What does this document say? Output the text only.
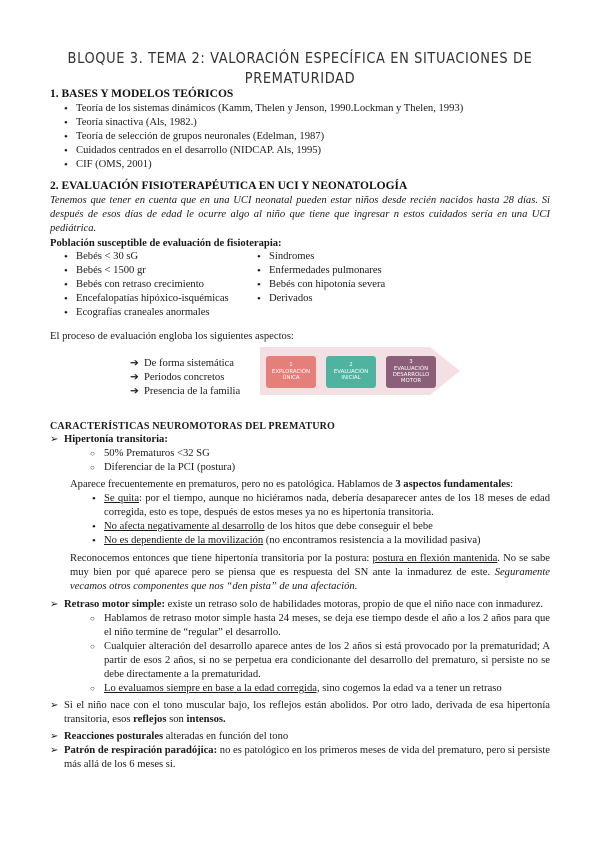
BLOQUE 3. TEMA 2: VALORACIÓN ESPECÍFICA EN SITUACIONES DE PREMATURIDAD
1. BASES Y MODELOS TEÓRICOS
• Teoría de los sistemas dinámicos (Kamm, Thelen y Jenson, 1990.Lockman y Thelen, 1993)
• Teoría sinactiva (Als, 1982.)
• Teoría de selección de grupos neuronales (Edelman, 1987)
• Cuidados centrados en el desarrollo (NIDCAP. Als, 1995)
• CIF (OMS, 2001)
2. EVALUACIÓN FISIOTERAPÉUTICA EN UCI Y NEONATOLOGÍA
Tenemos que tener en cuenta que en una UCI neonatal pueden estar niños desde recién nacidos hasta 28 días. Si después de esos días de edad le ocurre algo al niño que tiene que ingresar n estos cuidados sería en una UCI pediátrica.
Población susceptible de evaluación de fisioterapia:
• Bebés < 30 sG
• Bebés < 1500 gr
• Bebés con retraso crecimiento
• Encefalopatías hipóxico-isquémicas
• Ecografías craneales anormales
• Síndromes
• Enfermedades pulmonares
• Bebés con hipotonía severa
• Derivados
El proceso de evaluación engloba los siguientes aspectos:
➔ De forma sistemática
➔ Periodos concretos
➔ Presencia de la familia
1
EXPLORACIÓN ÚNICA
2
EVALUACIÓN INICIAL
3
EVALUACIÓN DESARROLLO MOTOR
CARACTERÍSTICAS NEUROMOTORAS DEL PREMATURO
➢ Hipertonía transitoria:
○ 50% Prematuros <32 SG
○ Diferenciar de la PCI (postura)
Aparece frecuentemente en prematuros, pero no es patológica. Hablamos de 3 aspectos fundamentales:
• Se quita: por el tiempo, aunque no hiciéramos nada, debería desaparecer antes de los 18 meses de edad corregida, esto es tope, después de estos meses ya no es hipertonía transitoria.
• No afecta negativamente al desarrollo de los hitos que debe conseguir el bebe
• No es dependiente de la movilización (no encontramos resistencia a la movilidad pasiva)
Reconocemos entonces que tiene hipertonía transitoria por la postura: postura en flexión mantenida. No se sabe muy bien por qué aparece pero se piensa que es respuesta del SN ante la inmadurez de este. Seguramente vecamos otros componentes que nos “den pista” de una afectación.
➢ Retraso motor simple: existe un retraso solo de habilidades motoras, propio de que el niño nace con inmadurez.
○ Hablamos de retraso motor simple hasta 24 meses, se deja ese tiempo desde el año a los 2 años para que el niño termine de “regular” el desarrollo.
○ Cualquier alteración del desarrollo aparece antes de los 2 años si está provocado por la prematuridad; A partir de esos 2 años, si no se perpetua era condicionante del desarrollo del prematuro, si persiste no se debe directamente a la prematuridad.
○ Lo evaluamos siempre en base a la edad corregida, sino cogemos la edad va a tener un retraso
➢ Si el niño nace con el tono muscular bajo, los reflejos están abolidos. Por otro lado, derivada de esa hipertonía transitoria, esos reflejos son intensos.
➢ Reacciones posturales alteradas en función del tono
➢ Patrón de respiración paradójica: no es patológico en los primeros meses de vida del prematuro, pero si persiste más allá de los 6 meses si.
